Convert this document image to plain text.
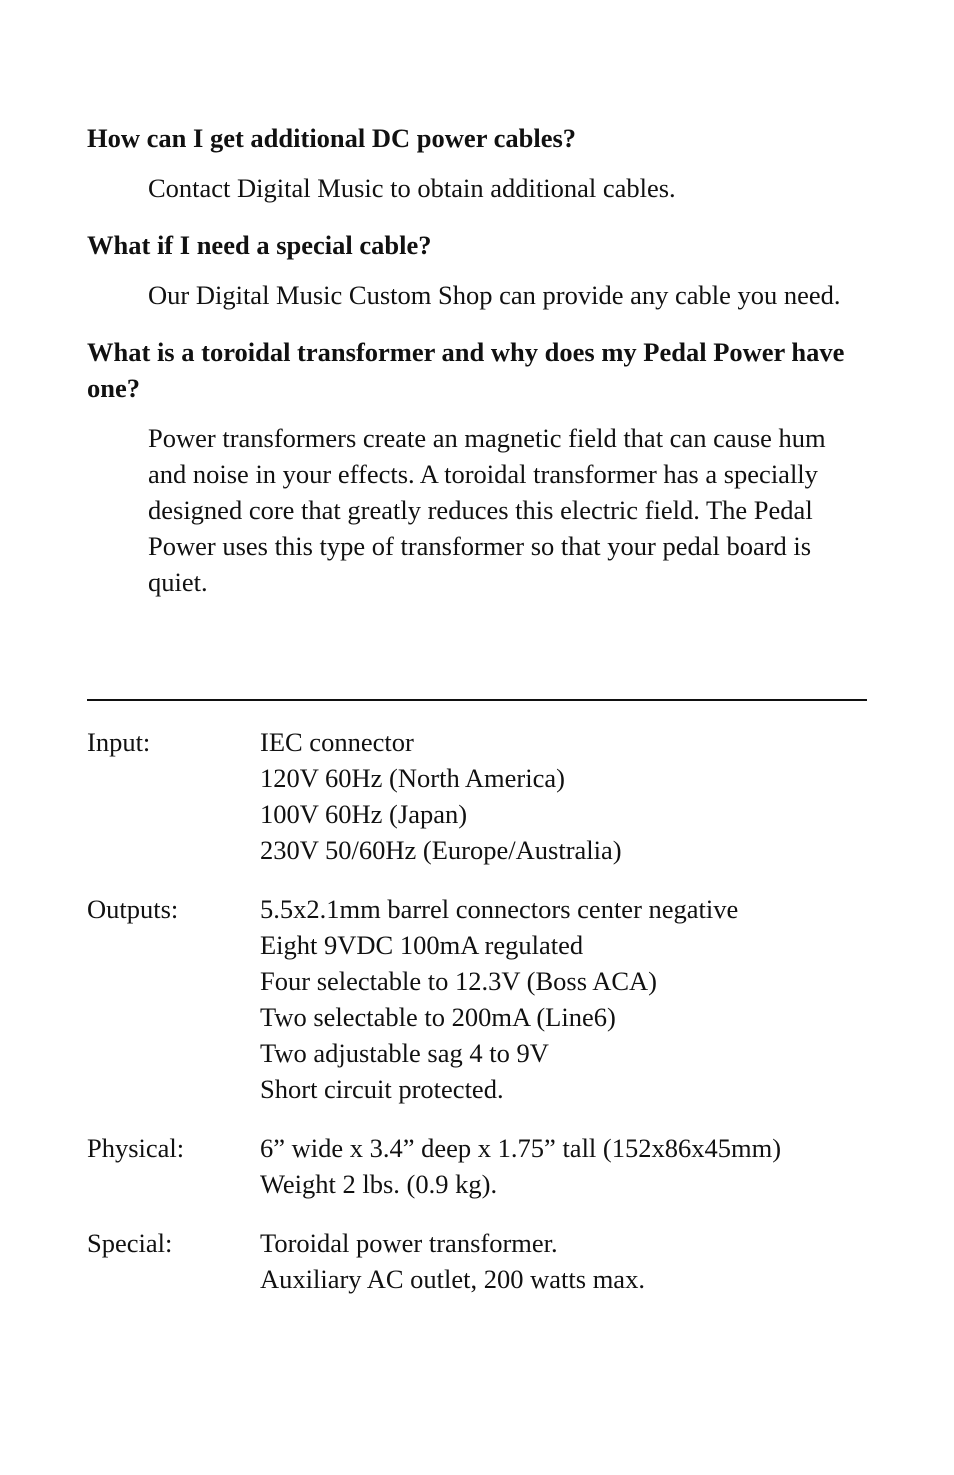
How can I get additional DC power cables?

Contact Digital Music to obtain additional cables.

What if I need a special cable?

Our Digital Music Custom Shop can provide any cable you need.

What is a toroidal transformer and why does my Pedal Power have one?

Power transformers create an magnetic field that can cause hum and noise in your effects. A toroidal transformer has a specially designed core that greatly reduces this electric field. The Pedal Power uses this type of transformer so that your pedal board is quiet.

Input:	IEC connector
120V 60Hz (North America)
100V 60Hz (Japan)
230V 50/60Hz (Europe/Australia)
Outputs:	5.5x2.1mm barrel connectors center negative
Eight 9VDC 100mA regulated
Four selectable to 12.3V (Boss ACA)
Two selectable to 200mA (Line6)
Two adjustable sag 4 to 9V
Short circuit protected.
Physical:	6” wide x 3.4” deep x 1.75” tall (152x86x45mm)
Weight 2 lbs. (0.9 kg).
Special:	Toroidal power transformer.
Auxiliary AC outlet, 200 watts max.
